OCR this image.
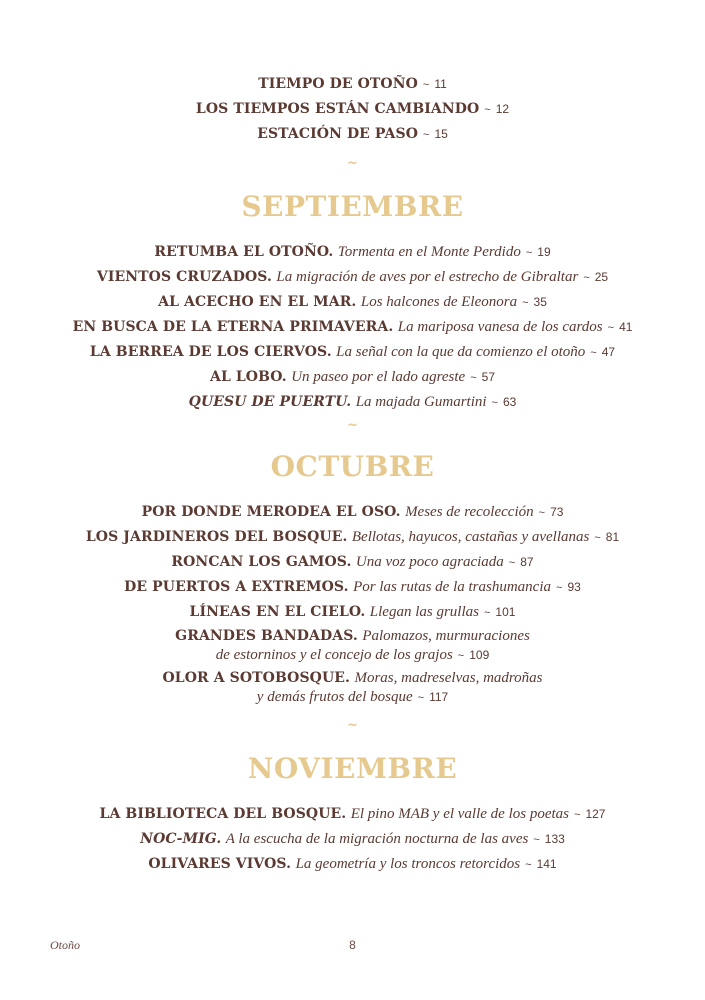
TIEMPO DE OTOÑO ~ 11
LOS TIEMPOS ESTÁN CAMBIANDO ~ 12
ESTACIÓN DE PASO ~ 15
~
SEPTIEMBRE
RETUMBA EL OTOÑO. Tormenta en el Monte Perdido ~ 19
VIENTOS CRUZADOS. La migración de aves por el estrecho de Gibraltar ~ 25
AL ACECHO EN EL MAR. Los halcones de Eleonora ~ 35
EN BUSCA DE LA ETERNA PRIMAVERA. La mariposa vanesa de los cardos ~ 41
LA BERREA DE LOS CIERVOS. La señal con la que da comienzo el otoño ~ 47
AL LOBO. Un paseo por el lado agreste ~ 57
QUESU DE PUERTU. La majada Gumartini ~ 63
~
OCTUBRE
POR DONDE MERODEA EL OSO. Meses de recolección ~ 73
LOS JARDINEROS DEL BOSQUE. Bellotas, hayucos, castañas y avellanas ~ 81
RONCAN LOS GAMOS. Una voz poco agraciada ~ 87
DE PUERTOS A EXTREMOS. Por las rutas de la trashumancia ~ 93
LÍNEAS EN EL CIELO. Llegan las grullas ~ 101
GRANDES BANDADAS. Palomazos, murmuraciones
de estorninos y el concejo de los grajos ~ 109
OLOR A SOTOBOSQUE. Moras, madreselvas, madroñas
y demás frutos del bosque ~ 117
~
NOVIEMBRE
LA BIBLIOTECA DEL BOSQUE. El pino MAB y el valle de los poetas ~ 127
NOC-MIG. A la escucha de la migración nocturna de las aves ~ 133
OLIVARES VIVOS. La geometría y los troncos retorcidos ~ 141
Otoño	8
